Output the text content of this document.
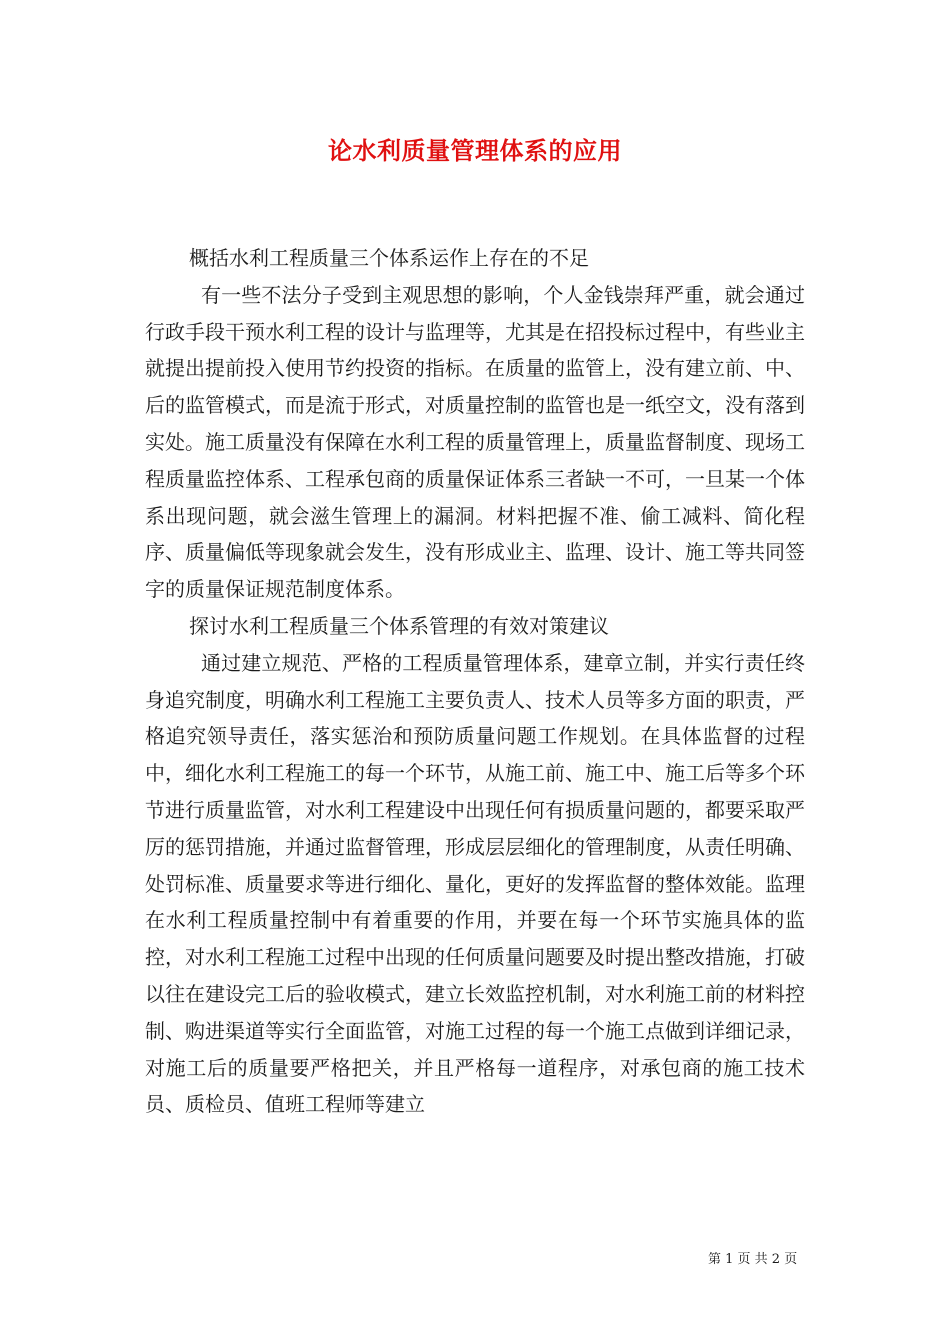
论水利质量管理体系的应用

概括水利工程质量三个体系运作上存在的不足

有一些不法分子受到主观思想的影响，个人金钱崇拜严重，就会通过行政手段干预水利工程的设计与监理等，尤其是在招投标过程中，有些业主就提出提前投入使用节约投资的指标。在质量的监管上，没有建立前、中、后的监管模式，而是流于形式，对质量控制的监管也是一纸空文，没有落到实处。施工质量没有保障在水利工程的质量管理上，质量监督制度、现场工程质量监控体系、工程承包商的质量保证体系三者缺一不可，一旦某一个体系出现问题，就会滋生管理上的漏洞。材料把握不准、偷工减料、简化程序、质量偏低等现象就会发生，没有形成业主、监理、设计、施工等共同签字的质量保证规范制度体系。

探讨水利工程质量三个体系管理的有效对策建议

通过建立规范、严格的工程质量管理体系，建章立制，并实行责任终身追究制度，明确水利工程施工主要负责人、技术人员等多方面的职责，严格追究领导责任，落实惩治和预防质量问题工作规划。在具体监督的过程中，细化水利工程施工的每一个环节，从施工前、施工中、施工后等多个环节进行质量监管，对水利工程建设中出现任何有损质量问题的，都要采取严厉的惩罚措施，并通过监督管理，形成层层细化的管理制度，从责任明确、处罚标准、质量要求等进行细化、量化，更好的发挥监督的整体效能。监理在水利工程质量控制中有着重要的作用，并要在每一个环节实施具体的监控，对水利工程施工过程中出现的任何质量问题要及时提出整改措施，打破以往在建设完工后的验收模式，建立长效监控机制，对水利施工前的材料控制、购进渠道等实行全面监管，对施工过程的每一个施工点做到详细记录，对施工后的质量要严格把关，并且严格每一道程序，对承包商的施工技术员、质检员、值班工程师等建立

第 1 页 共 2 页
